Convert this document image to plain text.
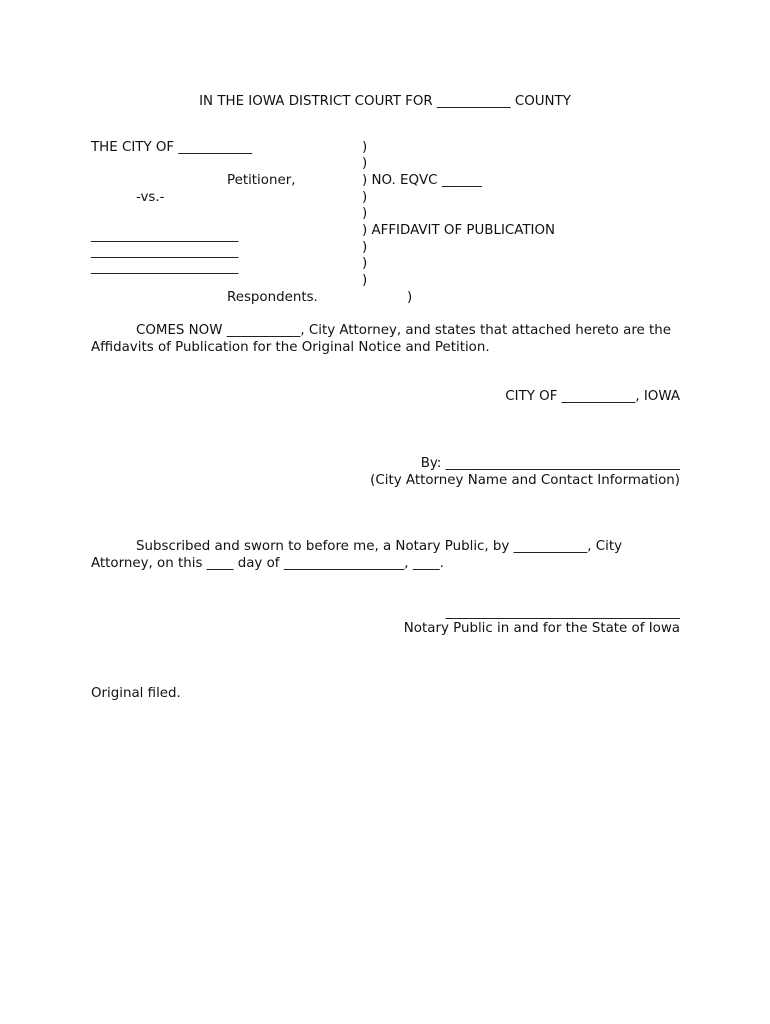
IN THE IOWA DISTRICT COURT FOR ___________ COUNTY
THE CITY OF ___________
Petitioner,
-vs.-
______________________
______________________
______________________
Respondents.
)
)
) NO. EQVC ______
)
)
) AFFIDAVIT OF PUBLICATION
)
)
)
)
COMES NOW ___________, City Attorney, and states that attached hereto are the Affidavits of Publication for the Original Notice and Petition.
CITY OF ___________, IOWA
By: ___________________________________
(City Attorney Name and Contact Information)
Subscribed and sworn to before me, a Notary Public, by ___________, City Attorney, on this ____ day of __________________, ____.
___________________________________
Notary Public in and for the State of Iowa
Original filed.
